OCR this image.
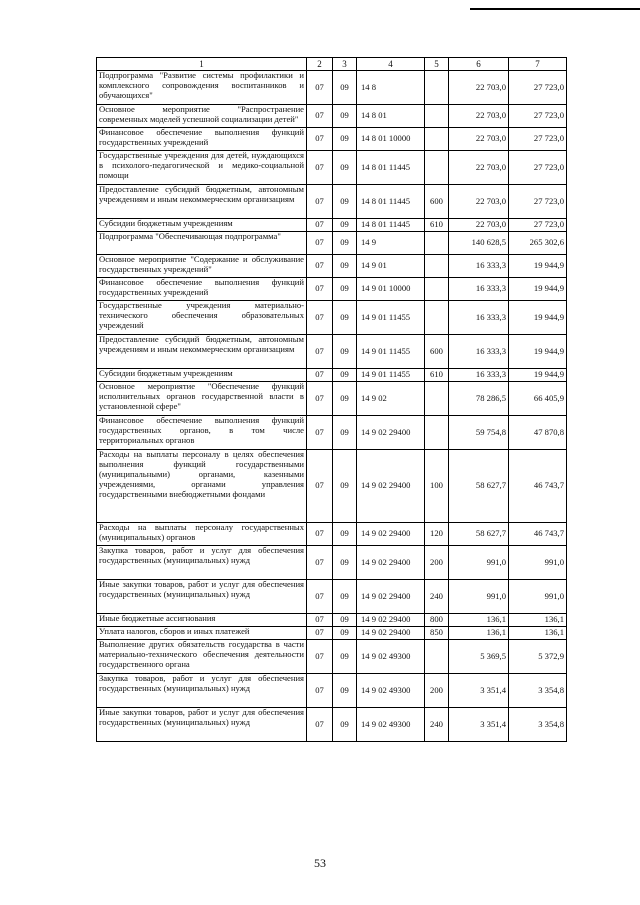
1	2	3	4	5	6	7
Подпрограмма "Развитие системы профилактики и комплексного сопровождения воспитанников и обучающихся"	07	09	14 8		22 703,0	27 723,0
Основное мероприятие "Распространение современных моделей успешной социализации детей"	07	09	14 8 01		22 703,0	27 723,0
Финансовое обеспечение выполнения функций государственных учреждений	07	09	14 8 01 10000		22 703,0	27 723,0
Государственные учреждения для детей, нуждающихся в психолого-педагогической и медико-социальной помощи	07	09	14 8 01 11445		22 703,0	27 723,0
Предоставление субсидий бюджетным, автономным учреждениям и иным некоммерческим организациям	07	09	14 8 01 11445	600	22 703,0	27 723,0
Субсидии бюджетным учреждениям	07	09	14 8 01 11445	610	22 703,0	27 723,0
Подпрограмма "Обеспечивающая подпрограмма"	07	09	14 9		140 628,5	265 302,6
Основное мероприятие "Содержание и обслуживание государственных учреждений"	07	09	14 9 01		16 333,3	19 944,9
Финансовое обеспечение выполнения функций государственных учреждений	07	09	14 9 01 10000		16 333,3	19 944,9
Государственные учреждения материально-технического обеспечения образовательных учреждений	07	09	14 9 01 11455		16 333,3	19 944,9
Предоставление субсидий бюджетным, автономным учреждениям и иным некоммерческим организациям	07	09	14 9 01 11455	600	16 333,3	19 944,9
Субсидии бюджетным учреждениям	07	09	14 9 01 11455	610	16 333,3	19 944,9
Основное мероприятие "Обеспечение функций исполнительных органов государственной власти в установленной сфере"	07	09	14 9 02		78 286,5	66 405,9
Финансовое обеспечение выполнения функций государственных органов, в том числе территориальных органов	07	09	14 9 02 29400		59 754,8	47 870,8
Расходы на выплаты персоналу в целях обеспечения выполнения функций государственными (муниципальными) органами, казенными учреждениями, органами управления государственными внебюджетными фондами	07	09	14 9 02 29400	100	58 627,7	46 743,7
Расходы на выплаты персоналу государственных (муниципальных) органов	07	09	14 9 02 29400	120	58 627,7	46 743,7
Закупка товаров, работ и услуг для обеспечения государственных (муниципальных) нужд	07	09	14 9 02 29400	200	991,0	991,0
Иные закупки товаров, работ и услуг для обеспечения государственных (муниципальных) нужд	07	09	14 9 02 29400	240	991,0	991,0
Иные бюджетные ассигнования	07	09	14 9 02 29400	800	136,1	136,1
Уплата налогов, сборов и иных платежей	07	09	14 9 02 29400	850	136,1	136,1
Выполнение других обязательств государства в части материально-технического обеспечения деятельности государственного органа	07	09	14 9 02 49300		5 369,5	5 372,9
Закупка товаров, работ и услуг для обеспечения государственных (муниципальных) нужд	07	09	14 9 02 49300	200	3 351,4	3 354,8
Иные закупки товаров, работ и услуг для обеспечения государственных (муниципальных) нужд	07	09	14 9 02 49300	240	3 351,4	3 354,8
53
